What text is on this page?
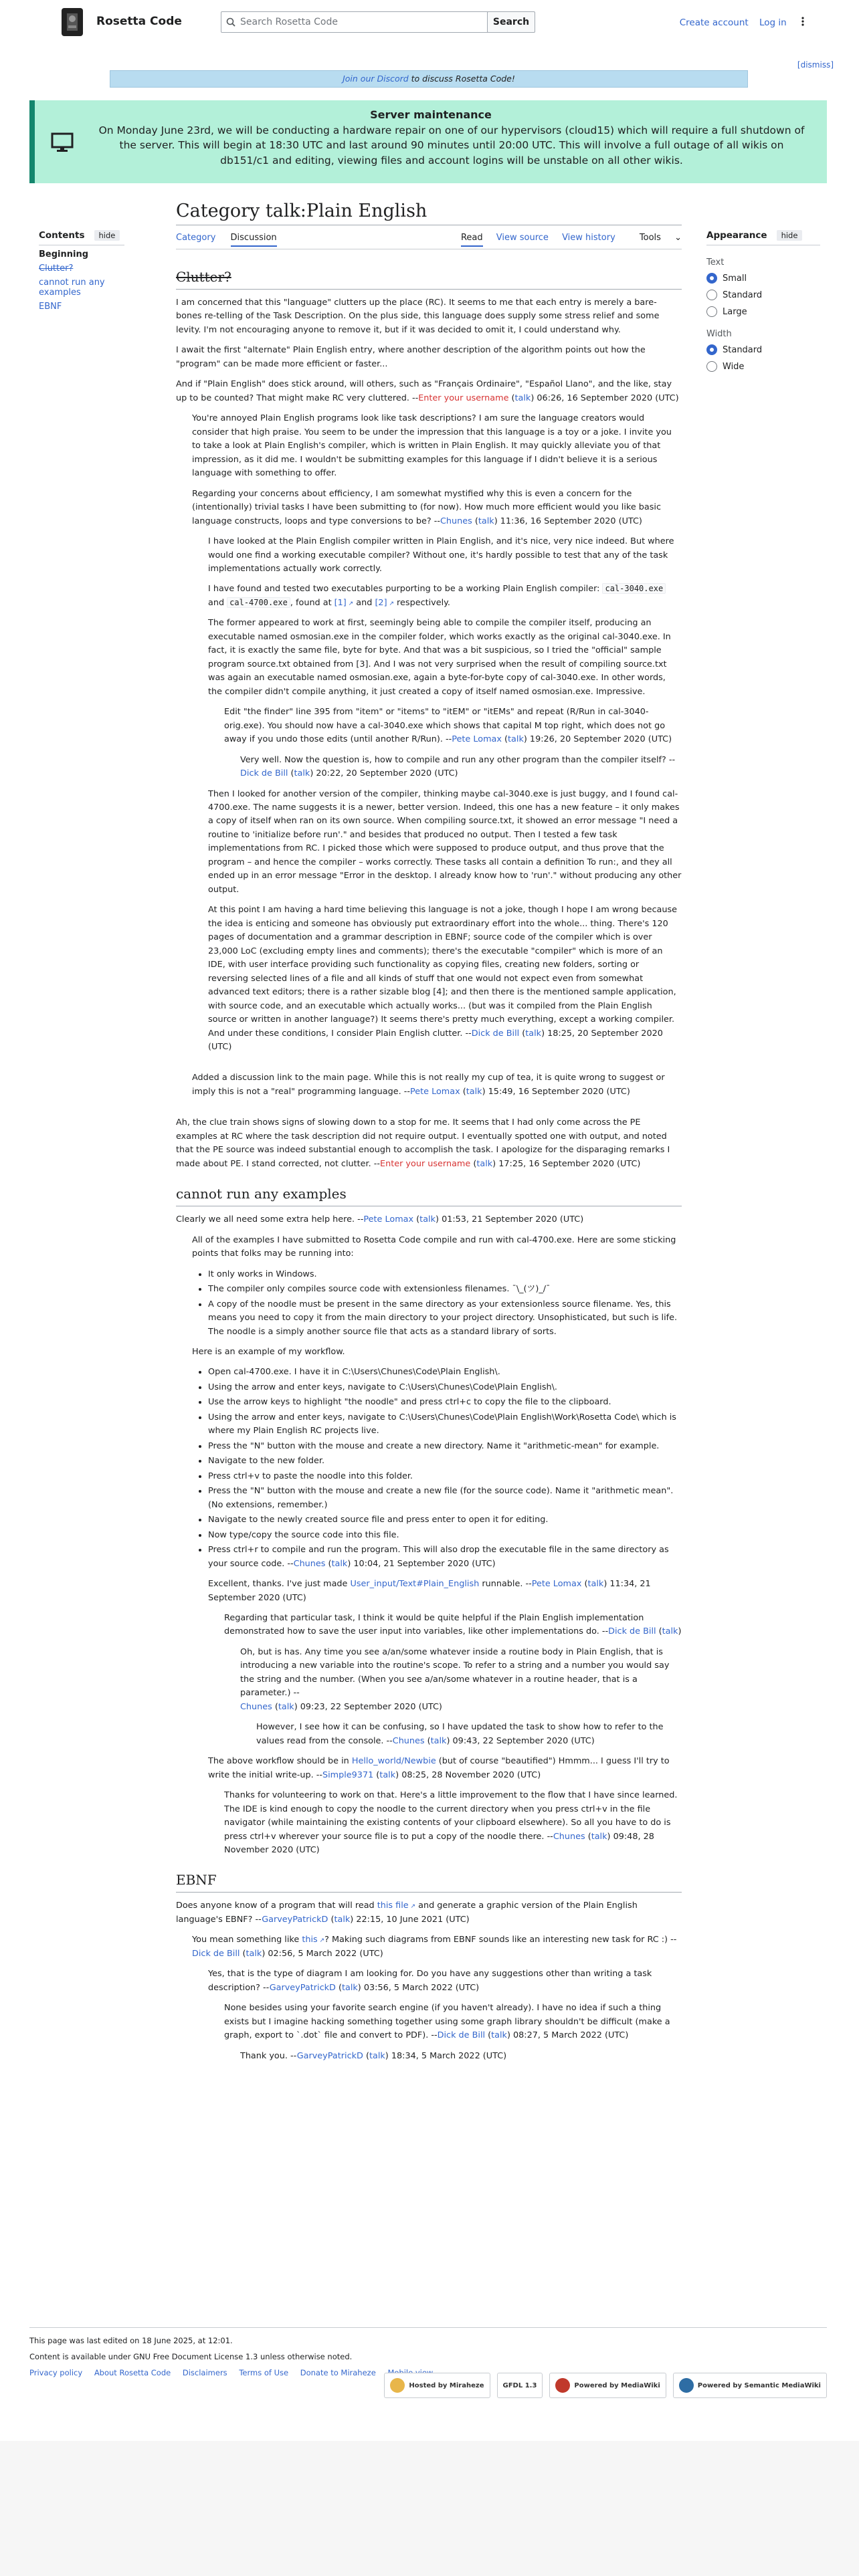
Rosetta Code	Search Rosetta Code	Search	Create account Log in
[dismiss]
Join our Discord to discuss Rosetta Code!
Server maintenance
On Monday June 23rd, we will be conducting a hardware repair on one of our hypervisors (cloud15) which will require a full shutdown of the server. This will begin at 18:30 UTC and last around 90 minutes until 20:00 UTC. This will involve a full outage of all wikis on db151/c1 and editing, viewing files and account logins will be unstable on all other wikis.
Contents	hide
Beginning
Clutter?
cannot run any examples
EBNF
Category talk:Plain English
Category Discussion	Read View source View history	Tools ⌄	Appearance	hide
Text
Small
Standard
Large
Width
Standard
Wide
Clutter?

I am concerned that this "language" clutters up the place (RC). It seems to me that each entry is merely a bare-bones re-telling of the Task Description. On the plus side, this language does supply some stress relief and some levity. I'm not encouraging anyone to remove it, but if it was decided to omit it, I could understand why.

I await the first "alternate" Plain English entry, where another description of the algorithm points out how the "program" can be made more efficient or faster...

And if "Plain English" does stick around, will others, such as "Français Ordinaire", "Español Llano", and the like, stay up to be counted? That might make RC very cluttered. --Enter your username (talk) 06:26, 16 September 2020 (UTC)

You're annoyed Plain English programs look like task descriptions? I am sure the language creators would consider that high praise. You seem to be under the impression that this language is a toy or a joke. I invite you to take a look at Plain English's compiler, which is written in Plain English. It may quickly alleviate you of that impression, as it did me. I wouldn't be submitting examples for this language if I didn't believe it is a serious language with something to offer.

Regarding your concerns about efficiency, I am somewhat mystified why this is even a concern for the (intentionally) trivial tasks I have been submitting to (for now). How much more efficient would you like basic language constructs, loops and type conversions to be? --Chunes (talk) 11:36, 16 September 2020 (UTC)

I have looked at the Plain English compiler written in Plain English, and it's nice, very nice indeed. But where would one find a working executable compiler? Without one, it's hardly possible to test that any of the task implementations actually work correctly.

I have found and tested two executables purporting to be a working Plain English compiler: cal-3040.exe and cal-4700.exe , found at [1] ↗ and [2] ↗ respectively.

The former appeared to work at first, seemingly being able to compile the compiler itself, producing an executable named osmosian.exe in the compiler folder, which works exactly as the original cal-3040.exe. In fact, it is exactly the same file, byte for byte. And that was a bit suspicious, so I tried the "official" sample program source.txt obtained from [3]. And I was not very surprised when the result of compiling source.txt was again an executable named osmosian.exe, again a byte-for-byte copy of cal-3040.exe. In other words, the compiler didn't compile anything, it just created a copy of itself named osmosian.exe. Impressive.

Edit "the finder" line 395 from "item" or "items" to "itEM" or "itEMs" and repeat (R/Run in cal-3040-orig.exe). You should now have a cal-3040.exe which shows that capital M top right, which does not go away if you undo those edits (until another R/Run). --Pete Lomax (talk) 19:26, 20 September 2020 (UTC)

Very well. Now the question is, how to compile and run any other program than the compiler itself? --Dick de Bill (talk) 20:22, 20 September 2020 (UTC)

Then I looked for another version of the compiler, thinking maybe cal-3040.exe is just buggy, and I found cal-4700.exe. The name suggests it is a newer, better version. Indeed, this one has a new feature – it only makes a copy of itself when ran on its own source. When compiling source.txt, it showed an error message "I need a routine to 'initialize before run'." and besides that produced no output. Then I tested a few task implementations from RC. I picked those which were supposed to produce output, and thus prove that the program – and hence the compiler – works correctly. These tasks all contain a definition To run:, and they all ended up in an error message "Error in the desktop. I already know how to 'run'." without producing any other output.

At this point I am having a hard time believing this language is not a joke, though I hope I am wrong because the idea is enticing and someone has obviously put extraordinary effort into the whole... thing. There's 120 pages of documentation and a grammar description in EBNF; source code of the compiler which is over 23,000 LoC (excluding empty lines and comments); there's the executable "compiler" which is more of an IDE, with user interface providing such functionality as copying files, creating new folders, sorting or reversing selected lines of a file and all kinds of stuff that one would not expect even from somewhat advanced text editors; there is a rather sizable blog [4]; and then there is the mentioned sample application, with source code, and an executable which actually works... (but was it compiled from the Plain English source or written in another language?) It seems there's pretty much everything, except a working compiler. And under these conditions, I consider Plain English clutter. --Dick de Bill (talk) 18:25, 20 September 2020 (UTC)

Added a discussion link to the main page. While this is not really my cup of tea, it is quite wrong to suggest or imply this is not a "real" programming language. --Pete Lomax (talk) 15:49, 16 September 2020 (UTC)

Ah, the clue train shows signs of slowing down to a stop for me. It seems that I had only come across the PE examples at RC where the task description did not require output. I eventually spotted one with output, and noted that the PE source was indeed substantial enough to accomplish the task. I apologize for the disparaging remarks I made about PE. I stand corrected, not clutter. --Enter your username (talk) 17:25, 16 September 2020 (UTC)

cannot run any examples

Clearly we all need some extra help here. --Pete Lomax (talk) 01:53, 21 September 2020 (UTC)

All of the examples I have submitted to Rosetta Code compile and run with cal-4700.exe. Here are some sticking points that folks may be running into:

• It only works in Windows.
• The compiler only compiles source code with extensionless filenames. ¯\_(ツ)_/¯
• A copy of the noodle must be present in the same directory as your extensionless source filename. Yes, this means you need to copy it from the main directory to your project directory. Unsophisticated, but such is life. The noodle is a simply another source file that acts as a standard library of sorts.

Here is an example of my workflow.

• Open cal-4700.exe. I have it in C:\Users\Chunes\Code\Plain English\.
• Using the arrow and enter keys, navigate to C:\Users\Chunes\Code\Plain English\.
• Use the arrow keys to highlight "the noodle" and press ctrl+c to copy the file to the clipboard.
• Using the arrow and enter keys, navigate to C:\Users\Chunes\Code\Plain English\Work\Rosetta Code\ which is where my Plain English RC projects live.
• Press the "N" button with the mouse and create a new directory. Name it "arithmetic-mean" for example.
• Navigate to the new folder.
• Press ctrl+v to paste the noodle into this folder.
• Press the "N" button with the mouse and create a new file (for the source code). Name it "arithmetic mean". (No extensions, remember.)
• Navigate to the newly created source file and press enter to open it for editing.
• Now type/copy the source code into this file.
• Press ctrl+r to compile and run the program. This will also drop the executable file in the same directory as your source code. --Chunes (talk) 10:04, 21 September 2020 (UTC)

Excellent, thanks. I've just made User_input/Text#Plain_English runnable. --Pete Lomax (talk) 11:34, 21 September 2020 (UTC)

Regarding that particular task, I think it would be quite helpful if the Plain English implementation demonstrated how to save the user input into variables, like other implementations do. --Dick de Bill (talk)

Oh, but is has. Any time you see a/an/some whatever inside a routine body in Plain English, that is introducing a new variable into the routine's scope. To refer to a string and a number you would say the string and the number. (When you see a/an/some whatever in a routine header, that is a parameter.) --

Chunes (talk) 09:23, 22 September 2020 (UTC)

However, I see how it can be confusing, so I have updated the task to show how to refer to the values read from the console. --Chunes (talk) 09:43, 22 September 2020 (UTC)

The above workflow should be in Hello_world/Newbie (but of course "beautified") Hmmm... I guess I'll try to write the initial write-up. --Simple9371 (talk) 08:25, 28 November 2020 (UTC)

Thanks for volunteering to work on that. Here's a little improvement to the flow that I have since learned. The IDE is kind enough to copy the noodle to the current directory when you press ctrl+v in the file navigator (while maintaining the existing contents of your clipboard elsewhere). So all you have to do is press ctrl+v wherever your source file is to put a copy of the noodle there. --Chunes (talk) 09:48, 28 November 2020 (UTC)

EBNF

Does anyone know of a program that will read this file ↗ and generate a graphic version of the Plain English language's EBNF? --GarveyPatrickD (talk) 22:15, 10 June 2021 (UTC)

You mean something like this ↗ ? Making such diagrams from EBNF sounds like an interesting new task for RC :) --Dick de Bill (talk) 02:56, 5 March 2022 (UTC)

Yes, that is the type of diagram I am looking for. Do you have any suggestions other than writing a task description? --GarveyPatrickD (talk) 03:56, 5 March 2022 (UTC)

None besides using your favorite search engine (if you haven't already). I have no idea if such a thing exists but I imagine hacking something together using some graph library shouldn't be difficult (make a graph, export to `.dot` file and convert to PDF). --Dick de Bill (talk) 08:27, 5 March 2022 (UTC)

Thank you. --GarveyPatrickD (talk) 18:34, 5 March 2022 (UTC)

This page was last edited on 18 June 2025, at 12:01.
Content is available under GNU Free Document License 1.3 unless otherwise noted.
Privacy policy About Rosetta Code Disclaimers Terms of Use Donate to Miraheze
Hosted by Miraheze	GFDL 1.3	Powered by MediaWiki	Powered by Semantic MediaWiki
